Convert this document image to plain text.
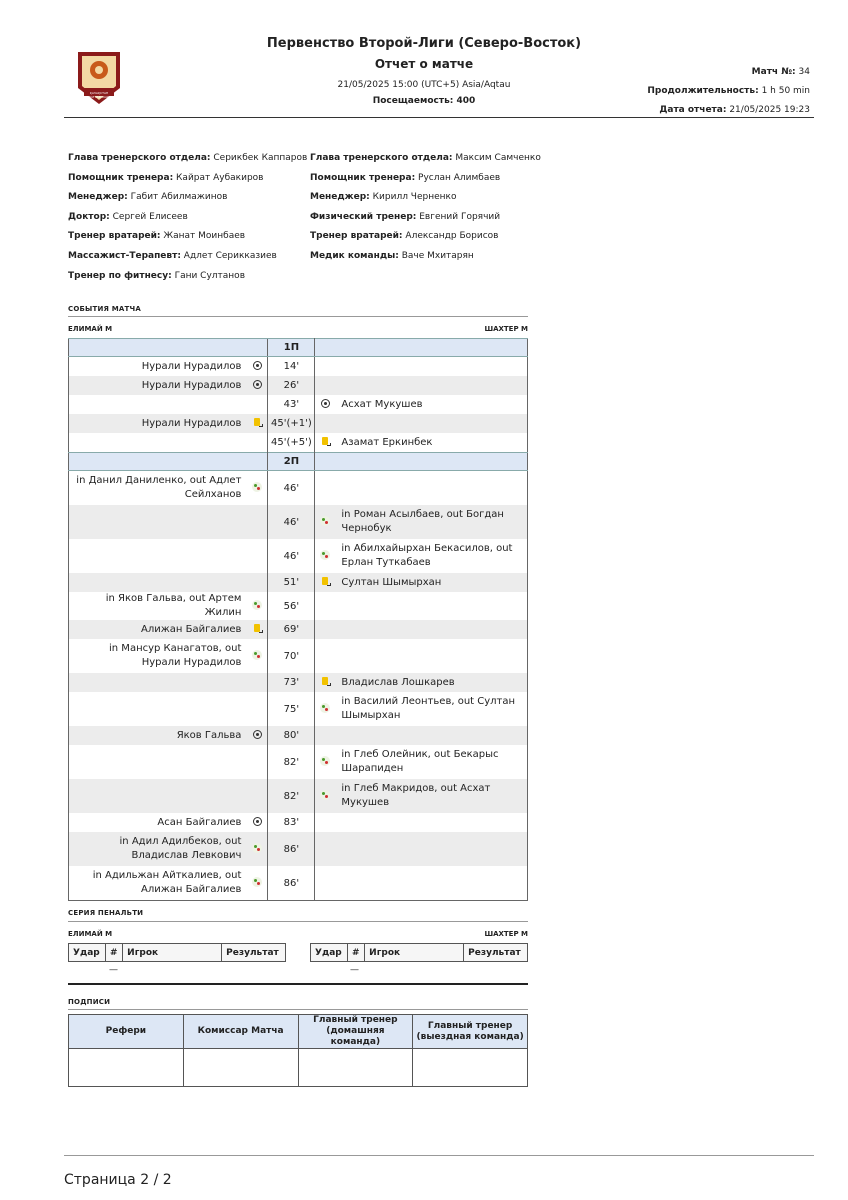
ҚАЗАҚСТАН
ФУТБОЛ ФЕДЕРАЦИЯСЫ
Первенство Второй-Лиги (Северо-Восток)
Отчет о матче
21/05/2025 15:00 (UTC+5) Asia/Aqtau
Посещаемость: 400
Матч №: 34
Продолжительность: 1 h 50 min
Дата отчета: 21/05/2025 19:23
Глава тренерского отдела: Серикбек Каппаров
Помощник тренера: Кайрат Аубакиров
Менеджер: Габит Абилмажинов
Доктор: Сергей Елисеев
Тренер вратарей: Жанат Моинбаев
Массажист-Терапевт: Адлет Серикказиев
Тренер по фитнесу: Гани Султанов
Глава тренерского отдела: Максим Самченко
Помощник тренера: Руслан Алимбаев
Менеджер: Кирилл Черненко
Физический тренер: Евгений Горячий
Тренер вратарей: Александр Борисов
Медик команды: Ваче Мхитарян
СОБЫТИЯ МАТЧА
ЕЛИМАЙ М	ШАХТЕР М
		1П		
Нурали Нурадилов		14'		
Нурали Нурадилов		26'		
		43'		Асхат Мукушев
Нурали Нурадилов		45'(+1')		
		45'(+5')		Азамат Еркинбек
		2П		
in Данил Даниленко, out Адлет Сейлханов		46'		
		46'		in Роман Асылбаев, out Богдан Чернобук
		46'		in Абилхайырхан Бекасилов, out Ерлан Туткабаев
		51'		Султан Шымырхан
in Яков Гальва, out Артем Жилин		56'		
Алижан Байгалиев		69'		
in Мансур Канагатов, out Нурали Нурадилов		70'		
		73'		Владислав Лошкарев
		75'		in Василий Леонтьев, out Султан Шымырхан
Яков Гальва		80'		
		82'		in Глеб Олейник, out Бекарыс Шарапиден
		82'		in Глеб Макридов, out Асхат Мукушев
Асан Байгалиев		83'		
in Адил Адилбеков, out Владислав Левкович		86'		
in Адильжан Айткалиев, out Алижан Байгалиев		86'		
СЕРИЯ ПЕНАЛЬТИ
ЕЛИМАЙ М	ШАХТЕР М
Удар	#	Игрок	Результат	Удар	#	Игрок	Результат
—	—
ПОДПИСИ
Рефери	Комиссар Матча	Главный тренер (домашняя команда)	Главный тренер (выездная команда)

Страница 2 / 2
